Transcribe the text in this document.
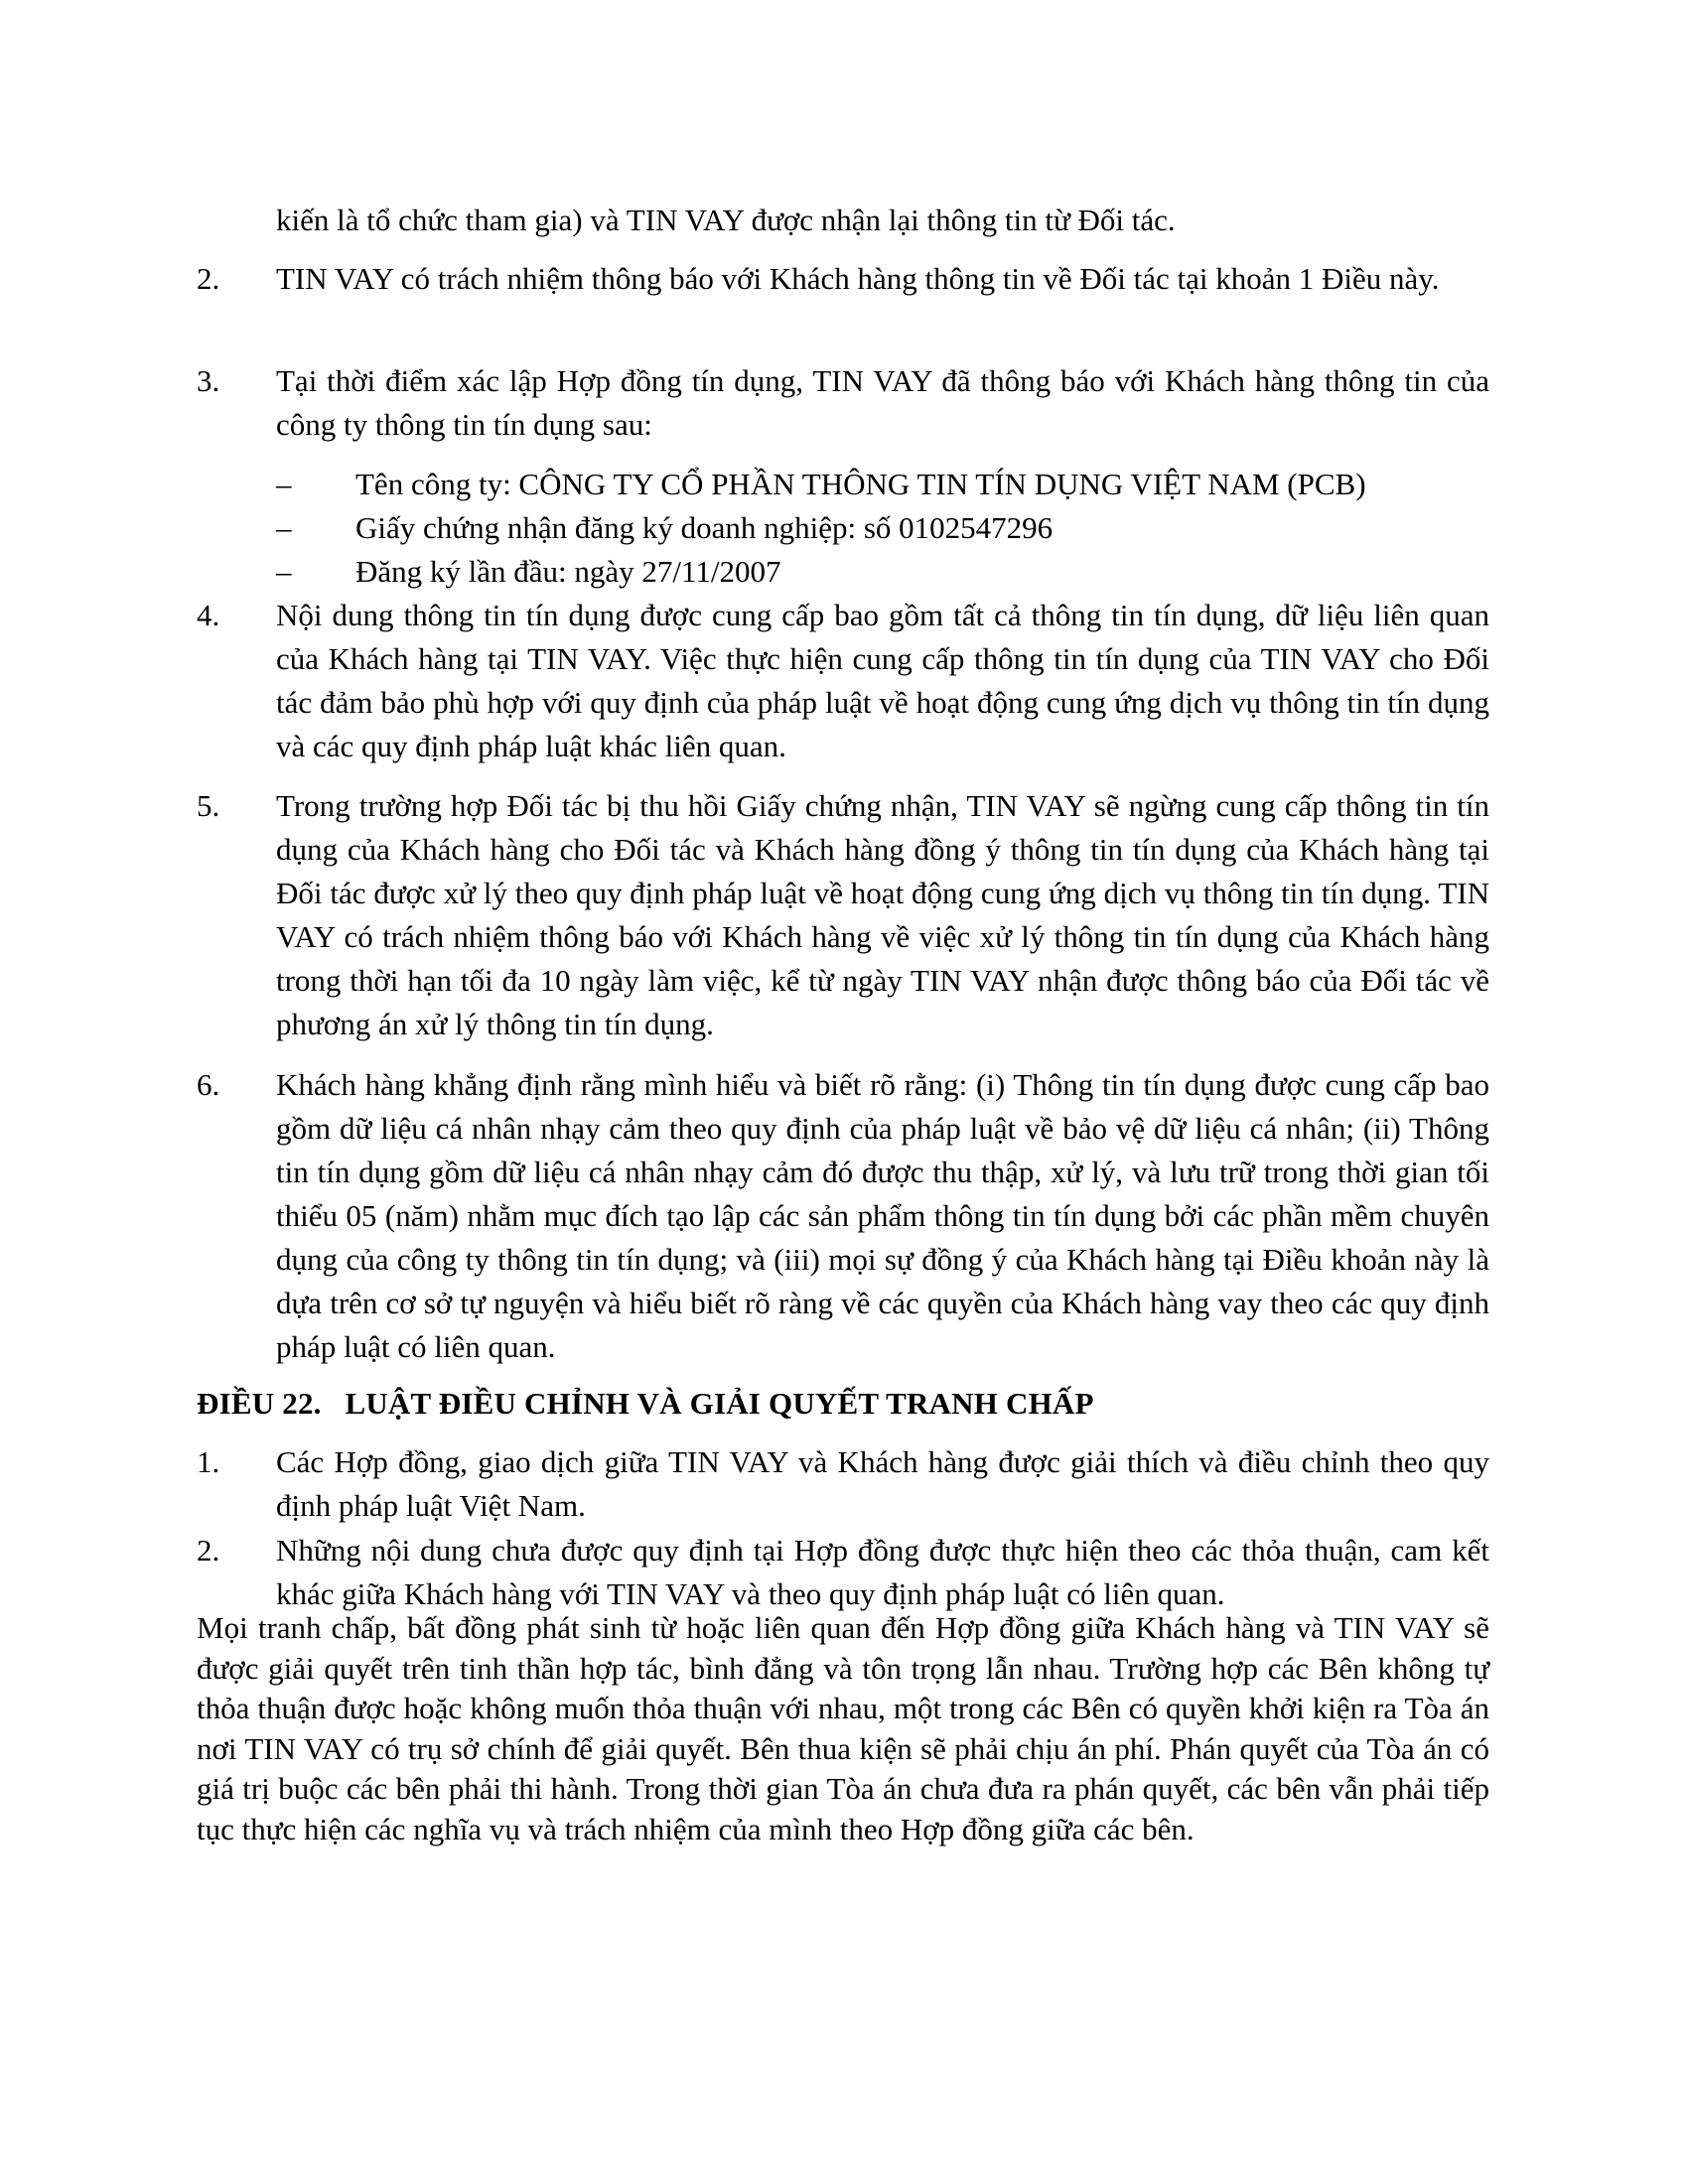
kiến là tổ chức tham gia) và TIN VAY được nhận lại thông tin từ Đối tác.
2.	TIN VAY có trách nhiệm thông báo với Khách hàng thông tin về Đối tác tại khoản 1 Điều này.
3.	Tại thời điểm xác lập Hợp đồng tín dụng, TIN VAY đã thông báo với Khách hàng thông tin của công ty thông tin tín dụng sau:
–	Tên công ty: CÔNG TY CỔ PHẦN THÔNG TIN TÍN DỤNG VIỆT NAM (PCB)
–	Giấy chứng nhận đăng ký doanh nghiệp: số 0102547296
–	Đăng ký lần đầu: ngày 27/11/2007
4.	Nội dung thông tin tín dụng được cung cấp bao gồm tất cả thông tin tín dụng, dữ liệu liên quan của Khách hàng tại TIN VAY. Việc thực hiện cung cấp thông tin tín dụng của TIN VAY cho Đối tác đảm bảo phù hợp với quy định của pháp luật về hoạt động cung ứng dịch vụ thông tin tín dụng và các quy định pháp luật khác liên quan.
5.	Trong trường hợp Đối tác bị thu hồi Giấy chứng nhận, TIN VAY sẽ ngừng cung cấp thông tin tín dụng của Khách hàng cho Đối tác và Khách hàng đồng ý thông tin tín dụng của Khách hàng tại Đối tác được xử lý theo quy định pháp luật về hoạt động cung ứng dịch vụ thông tin tín dụng. TIN VAY có trách nhiệm thông báo với Khách hàng về việc xử lý thông tin tín dụng của Khách hàng trong thời hạn tối đa 10 ngày làm việc, kể từ ngày TIN VAY nhận được thông báo của Đối tác về phương án xử lý thông tin tín dụng.
6.	Khách hàng khẳng định rằng mình hiểu và biết rõ rằng: (i) Thông tin tín dụng được cung cấp bao gồm dữ liệu cá nhân nhạy cảm theo quy định của pháp luật về bảo vệ dữ liệu cá nhân; (ii) Thông tin tín dụng gồm dữ liệu cá nhân nhạy cảm đó được thu thập, xử lý, và lưu trữ trong thời gian tối thiểu 05 (năm) nhằm mục đích tạo lập các sản phẩm thông tin tín dụng bởi các phần mềm chuyên dụng của công ty thông tin tín dụng; và (iii) mọi sự đồng ý của Khách hàng tại Điều khoản này là dựa trên cơ sở tự nguyện và hiểu biết rõ ràng về các quyền của Khách hàng vay theo các quy định pháp luật có liên quan.
ĐIỀU 22.   LUẬT ĐIỀU CHỈNH VÀ GIẢI QUYẾT TRANH CHẤP
1.	Các Hợp đồng, giao dịch giữa TIN VAY và Khách hàng được giải thích và điều chỉnh theo quy định pháp luật Việt Nam.
2.	Những nội dung chưa được quy định tại Hợp đồng được thực hiện theo các thỏa thuận, cam kết khác giữa Khách hàng với TIN VAY và theo quy định pháp luật có liên quan.
Mọi tranh chấp, bất đồng phát sinh từ hoặc liên quan đến Hợp đồng giữa Khách hàng và TIN VAY sẽ được giải quyết trên tinh thần hợp tác, bình đẳng và tôn trọng lẫn nhau. Trường hợp các Bên không tự thỏa thuận được hoặc không muốn thỏa thuận với nhau, một trong các Bên có quyền khởi kiện ra Tòa án nơi TIN VAY có trụ sở chính để giải quyết. Bên thua kiện sẽ phải chịu án phí. Phán quyết của Tòa án có giá trị buộc các bên phải thi hành. Trong thời gian Tòa án chưa đưa ra phán quyết, các bên vẫn phải tiếp tục thực hiện các nghĩa vụ và trách nhiệm của mình theo Hợp đồng giữa các bên.
